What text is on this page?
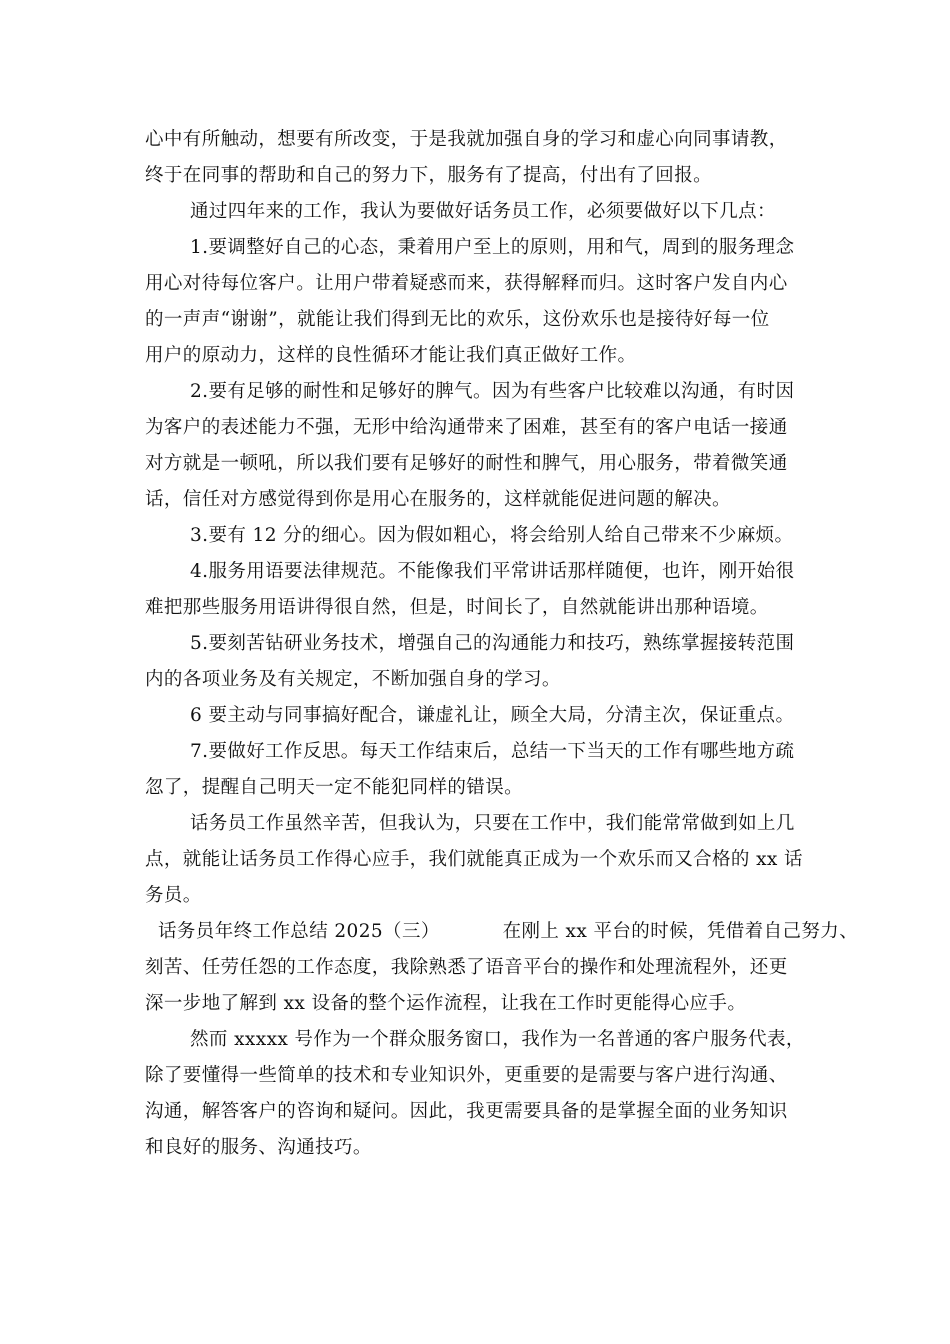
心中有所触动，想要有所改变，于是我就加强自身的学习和虚心向同事请教，
终于在同事的帮助和自己的努力下，服务有了提高，付出有了回报。
通过四年来的工作，我认为要做好话务员工作，必须要做好以下几点：
1.要调整好自己的心态，秉着用户至上的原则，用和气，周到的服务理念
用心对待每位客户。让用户带着疑惑而来，获得解释而归。这时客户发自内心
的一声声“谢谢”，就能让我们得到无比的欢乐，这份欢乐也是接待好每一位
用户的原动力，这样的良性循环才能让我们真正做好工作。
2.要有足够的耐性和足够好的脾气。因为有些客户比较难以沟通，有时因
为客户的表述能力不强，无形中给沟通带来了困难，甚至有的客户电话一接通
对方就是一顿吼，所以我们要有足够好的耐性和脾气，用心服务，带着微笑通
话，信任对方感觉得到你是用心在服务的，这样就能促进问题的解决。
3.要有 12 分的细心。因为假如粗心，将会给别人给自己带来不少麻烦。
4.服务用语要法律规范。不能像我们平常讲话那样随便，也许，刚开始很
难把那些服务用语讲得很自然，但是，时间长了，自然就能讲出那种语境。
5.要刻苦钻研业务技术，增强自己的沟通能力和技巧，熟练掌握接转范围
内的各项业务及有关规定，不断加强自身的学习。
6 要主动与同事搞好配合，谦虚礼让，顾全大局，分清主次，保证重点。
7.要做好工作反思。每天工作结束后，总结一下当天的工作有哪些地方疏
忽了，提醒自己明天一定不能犯同样的错误。
话务员工作虽然辛苦，但我认为，只要在工作中，我们能常常做到如上几
点，就能让话务员工作得心应手，我们就能真正成为一个欢乐而又合格的 xx 话
务员。
话务员年终工作总结 2025（三）          在刚上 xx 平台的时候，凭借着自己努力、
刻苦、任劳任怨的工作态度，我除熟悉了语音平台的操作和处理流程外，还更
深一步地了解到 xx 设备的整个运作流程，让我在工作时更能得心应手。
然而 xxxxx 号作为一个群众服务窗口，我作为一名普通的客户服务代表，
除了要懂得一些简单的技术和专业知识外，更重要的是需要与客户进行沟通、
沟通，解答客户的咨询和疑问。因此，我更需要具备的是掌握全面的业务知识
和良好的服务、沟通技巧。
